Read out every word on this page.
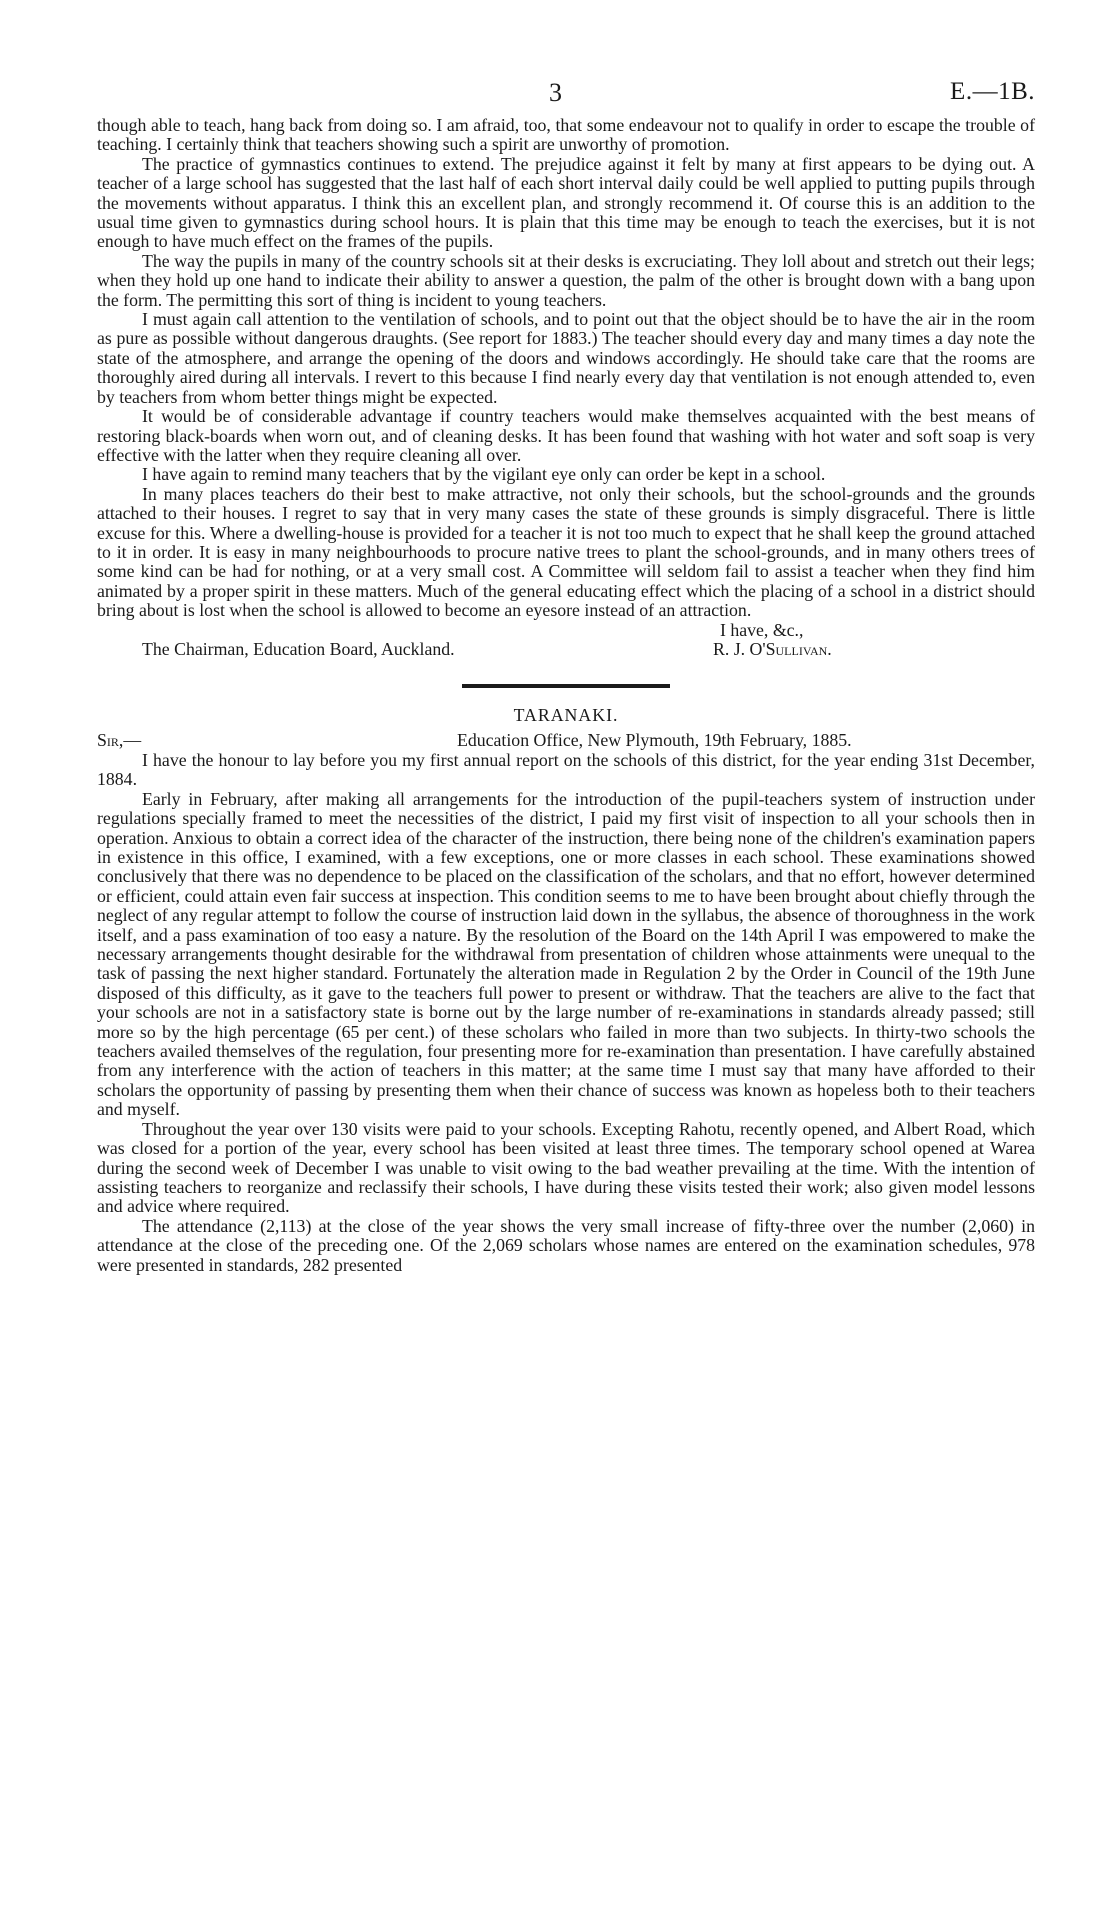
3	E.—1B.

though able to teach, hang back from doing so. I am afraid, too, that some endeavour not to qualify in order to escape the trouble of teaching. I certainly think that teachers showing such a spirit are unworthy of promotion.

The practice of gymnastics continues to extend. The prejudice against it felt by many at first appears to be dying out. A teacher of a large school has suggested that the last half of each short interval daily could be well applied to putting pupils through the movements without apparatus. I think this an excellent plan, and strongly recommend it. Of course this is an addition to the usual time given to gymnastics during school hours. It is plain that this time may be enough to teach the exercises, but it is not enough to have much effect on the frames of the pupils.

The way the pupils in many of the country schools sit at their desks is excruciating. They loll about and stretch out their legs; when they hold up one hand to indicate their ability to answer a question, the palm of the other is brought down with a bang upon the form. The permitting this sort of thing is incident to young teachers.

I must again call attention to the ventilation of schools, and to point out that the object should be to have the air in the room as pure as possible without dangerous draughts. (See report for 1883.) The teacher should every day and many times a day note the state of the atmosphere, and arrange the opening of the doors and windows accordingly. He should take care that the rooms are thoroughly aired during all intervals. I revert to this because I find nearly every day that ventilation is not enough attended to, even by teachers from whom better things might be expected.

It would be of considerable advantage if country teachers would make themselves acquainted with the best means of restoring black-boards when worn out, and of cleaning desks. It has been found that washing with hot water and soft soap is very effective with the latter when they require cleaning all over.

I have again to remind many teachers that by the vigilant eye only can order be kept in a school.

In many places teachers do their best to make attractive, not only their schools, but the school-grounds and the grounds attached to their houses. I regret to say that in very many cases the state of these grounds is simply disgraceful. There is little excuse for this. Where a dwelling-house is provided for a teacher it is not too much to expect that he shall keep the ground attached to it in order. It is easy in many neighbourhoods to procure native trees to plant the school-grounds, and in many others trees of some kind can be had for nothing, or at a very small cost. A Committee will seldom fail to assist a teacher when they find him animated by a proper spirit in these matters. Much of the general educating effect which the placing of a school in a district should bring about is lost when the school is allowed to become an eyesore instead of an attraction.

I have, &c.,
The Chairman, Education Board, Auckland.	R. J. O'Sullivan.
TARANAKI.
Sir,—	Education Office, New Plymouth, 19th February, 1885.

I have the honour to lay before you my first annual report on the schools of this district, for the year ending 31st December, 1884.

Early in February, after making all arrangements for the introduction of the pupil-teachers system of instruction under regulations specially framed to meet the necessities of the district, I paid my first visit of inspection to all your schools then in operation. Anxious to obtain a correct idea of the character of the instruction, there being none of the children's examination papers in existence in this office, I examined, with a few exceptions, one or more classes in each school. These examinations showed conclusively that there was no dependence to be placed on the classification of the scholars, and that no effort, however determined or efficient, could attain even fair success at inspection. This condition seems to me to have been brought about chiefly through the neglect of any regular attempt to follow the course of instruction laid down in the syllabus, the absence of thoroughness in the work itself, and a pass examination of too easy a nature. By the resolution of the Board on the 14th April I was empowered to make the necessary arrangements thought desirable for the withdrawal from presentation of children whose attainments were unequal to the task of passing the next higher standard. Fortunately the alteration made in Regulation 2 by the Order in Council of the 19th June disposed of this difficulty, as it gave to the teachers full power to present or withdraw. That the teachers are alive to the fact that your schools are not in a satisfactory state is borne out by the large number of re-examinations in standards already passed; still more so by the high percentage (65 per cent.) of these scholars who failed in more than two subjects. In thirty-two schools the teachers availed themselves of the regulation, four presenting more for re-examination than presentation. I have carefully abstained from any interference with the action of teachers in this matter; at the same time I must say that many have afforded to their scholars the opportunity of passing by presenting them when their chance of success was known as hopeless both to their teachers and myself.

Throughout the year over 130 visits were paid to your schools. Excepting Rahotu, recently opened, and Albert Road, which was closed for a portion of the year, every school has been visited at least three times. The temporary school opened at Warea during the second week of December I was unable to visit owing to the bad weather prevailing at the time. With the intention of assisting teachers to reorganize and reclassify their schools, I have during these visits tested their work; also given model lessons and advice where required.

The attendance (2,113) at the close of the year shows the very small increase of fifty-three over the number (2,060) in attendance at the close of the preceding one. Of the 2,069 scholars whose names are entered on the examination schedules, 978 were presented in standards, 282 presented
